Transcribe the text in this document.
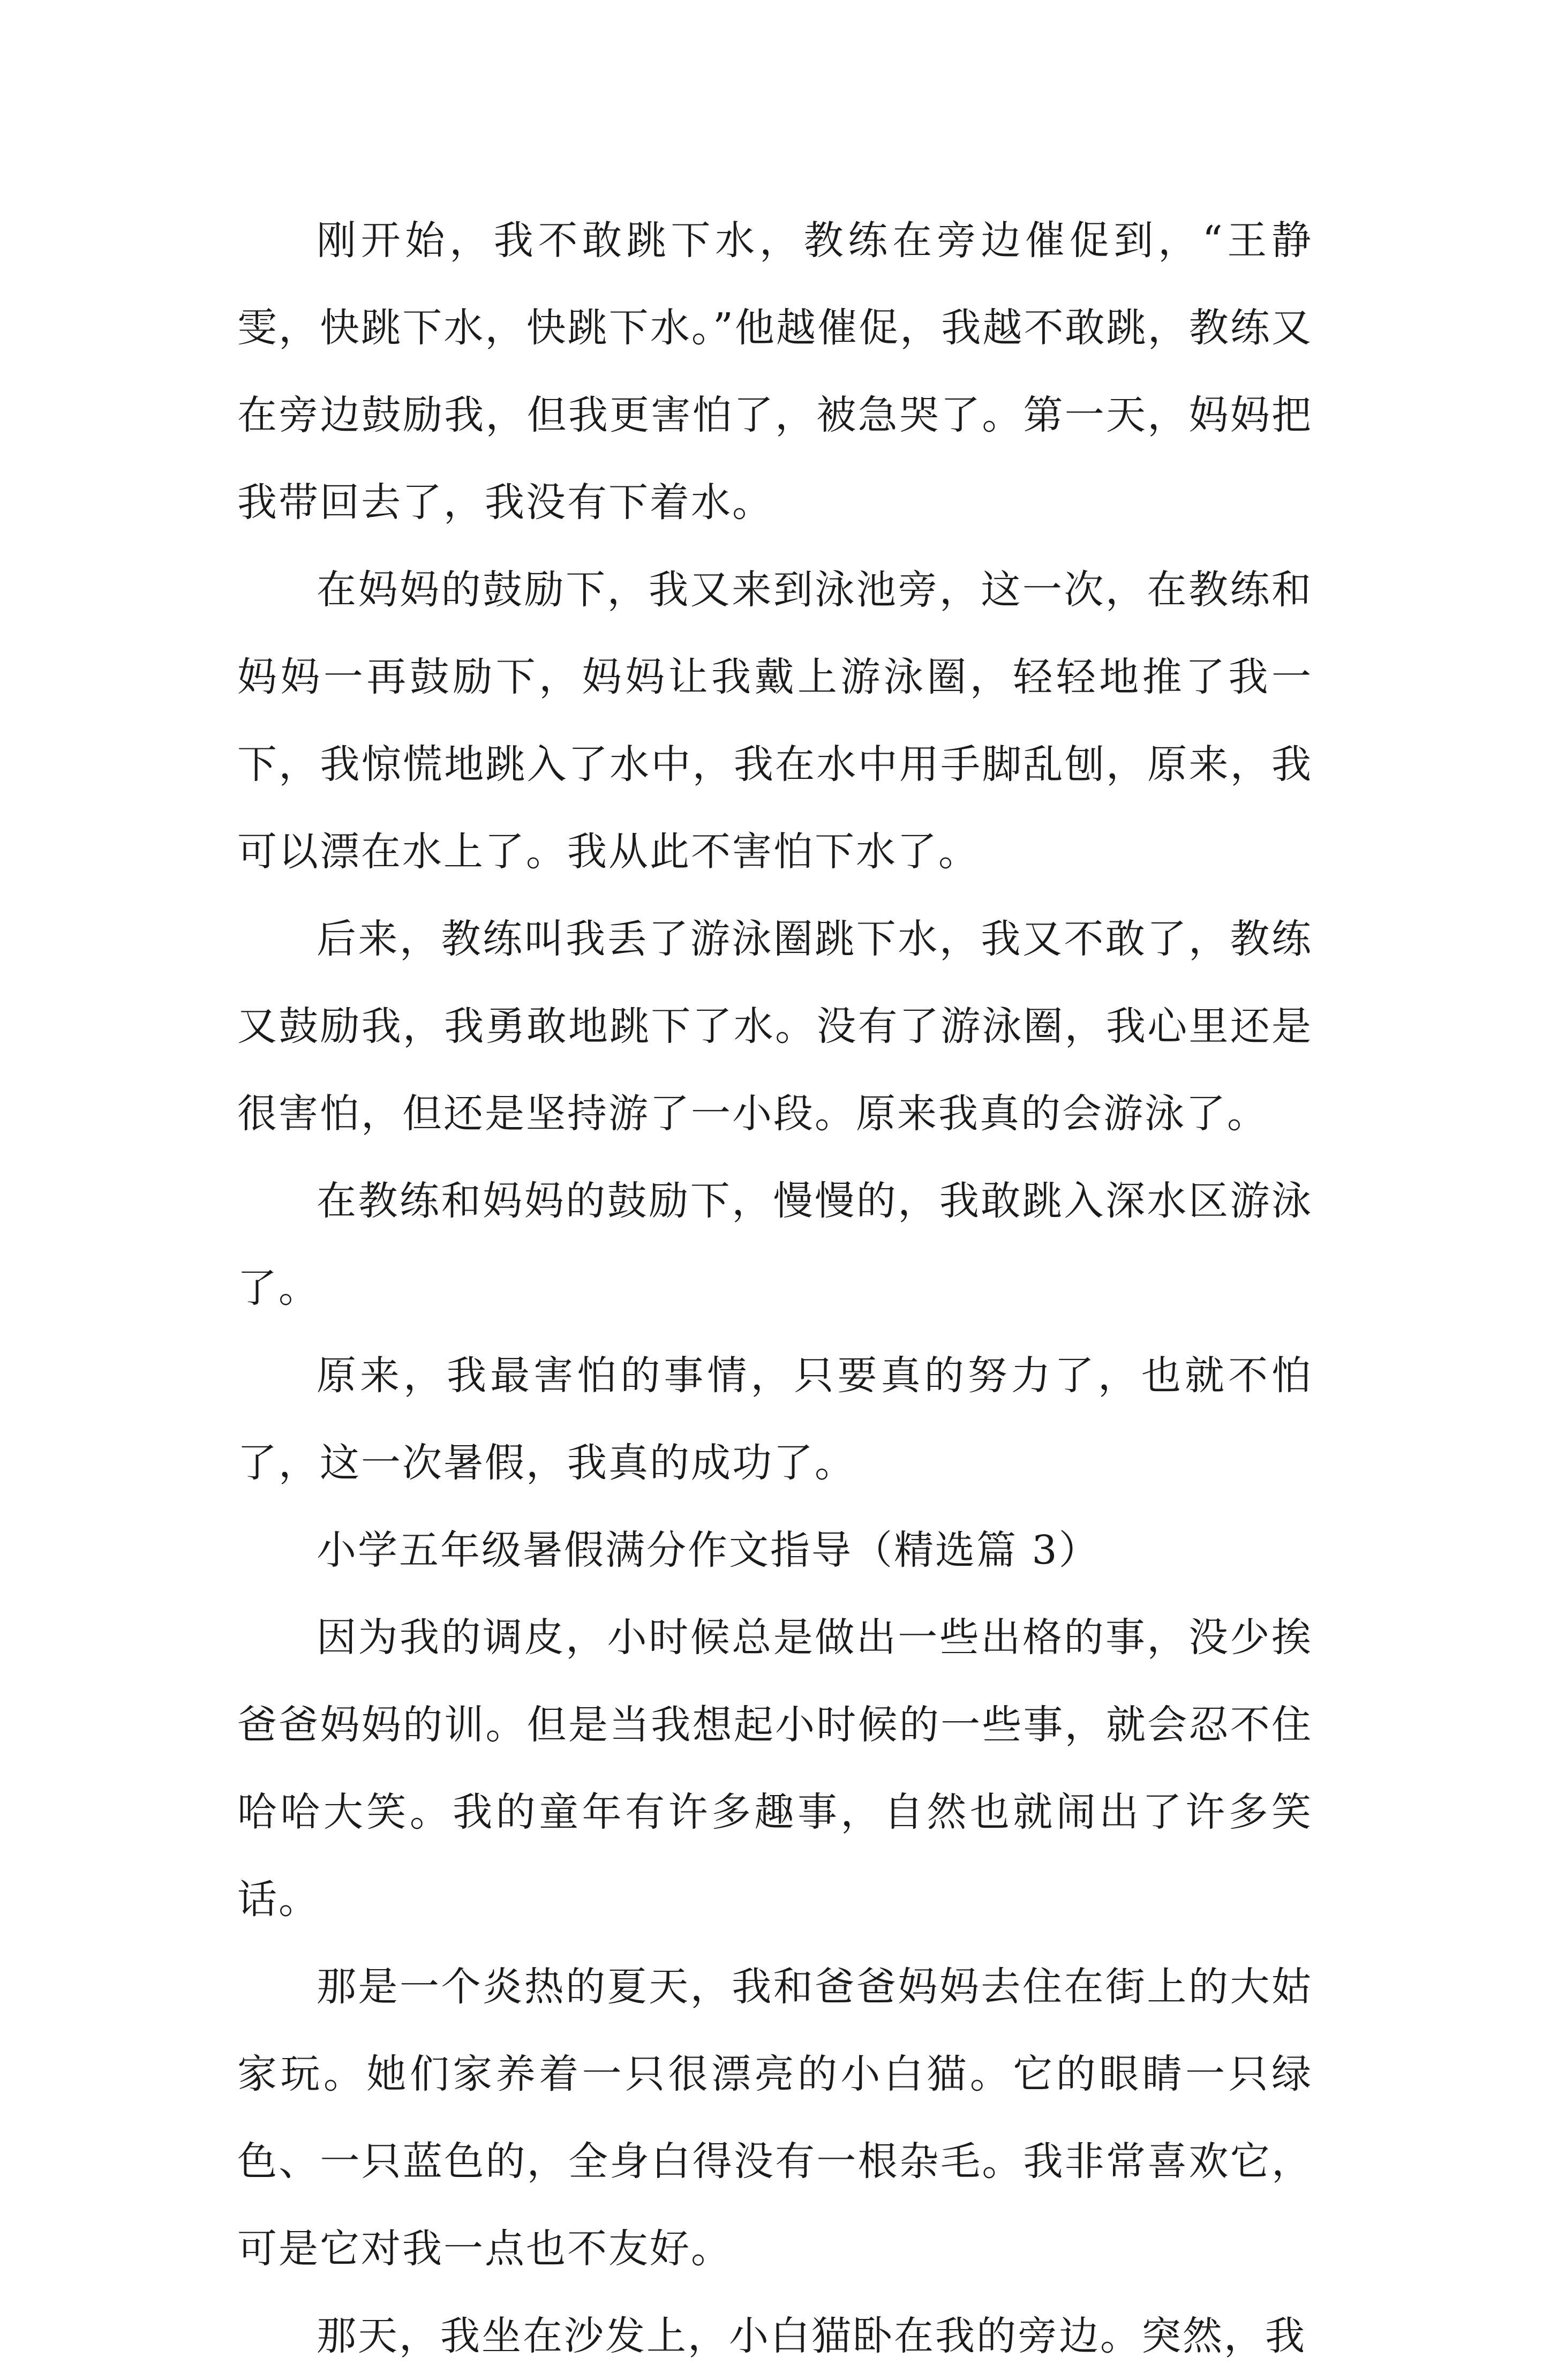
刚开始，我不敢跳下水，教练在旁边催促到，“王静雯，快跳下水，快跳下水。”他越催促，我越不敢跳，教练又在旁边鼓励我，但我更害怕了，被急哭了。第一天，妈妈把我带回去了，我没有下着水。

在妈妈的鼓励下，我又来到泳池旁，这一次，在教练和妈妈一再鼓励下，妈妈让我戴上游泳圈，轻轻地推了我一下，我惊慌地跳入了水中，我在水中用手脚乱刨，原来，我可以漂在水上了。我从此不害怕下水了。

后来，教练叫我丢了游泳圈跳下水，我又不敢了，教练又鼓励我，我勇敢地跳下了水。没有了游泳圈，我心里还是很害怕，但还是坚持游了一小段。原来我真的会游泳了。

在教练和妈妈的鼓励下，慢慢的，我敢跳入深水区游泳了。

原来，我最害怕的事情，只要真的努力了，也就不怕了，这一次暑假，我真的成功了。

小学五年级暑假满分作文指导（精选篇 3）

因为我的调皮，小时候总是做出一些出格的事，没少挨爸爸妈妈的训。但是当我想起小时候的一些事，就会忍不住哈哈大笑。我的童年有许多趣事，自然也就闹出了许多笑话。

那是一个炎热的夏天，我和爸爸妈妈去住在街上的大姑家玩。她们家养着一只很漂亮的小白猫。它的眼睛一只绿色、一只蓝色的，全身白得没有一根杂毛。我非常喜欢它，可是它对我一点也不友好。

那天，我坐在沙发上，小白猫卧在我的旁边。突然，我
